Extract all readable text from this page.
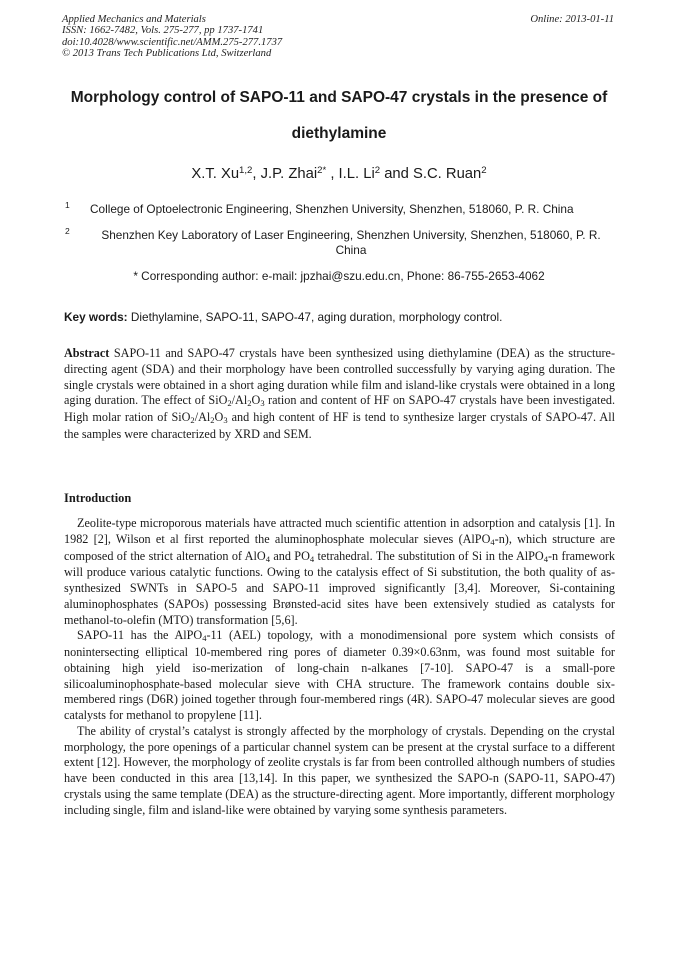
Applied Mechanics and Materials
ISSN: 1662-7482, Vols. 275-277, pp 1737-1741
doi:10.4028/www.scientific.net/AMM.275-277.1737
© 2013 Trans Tech Publications Ltd, Switzerland
Online: 2013-01-11
Morphology control of SAPO-11 and SAPO-47 crystals in the presence of
diethylamine
X.T. Xu$^{1,2}$, J.P. Zhai$^{2*}$ , I.L. Li$^2$ and S.C. Ruan$^2$
1 College of Optoelectronic Engineering, Shenzhen University, Shenzhen, 518060, P. R. China
2	Shenzhen Key Laboratory of Laser Engineering, Shenzhen University, Shenzhen, 518060, P. R. China
* Corresponding author: e-mail: jpzhai@szu.edu.cn, Phone: 86-755-2653-4062
Key words: Diethylamine, SAPO-11, SAPO-47, aging duration, morphology control.
Abstract SAPO-11 and SAPO-47 crystals have been synthesized using diethylamine (DEA) as the structure-directing agent (SDA) and their morphology have been controlled successfully by varying aging duration. The single crystals were obtained in a short aging duration while film and island-like crystals were obtained in a long aging duration. The effect of $SiO_2/Al_2O_3$ ration and content of HF on SAPO-47 crystals have been investigated. High molar ration of $SiO_2/Al_2O_3$ and high content of HF is tend to synthesize larger crystals of SAPO-47. All the samples were characterized by XRD and SEM.
Introduction

Zeolite-type microporous materials have attracted much scientific attention in adsorption and catalysis [1]. In 1982 [2], Wilson et al first reported the aluminophosphate molecular sieves (AlPO$_4$-n), which structure are composed of the strict alternation of AlO$_4$ and $PO_4$ tetrahedral. The substitution of Si in the AlPO$_4$-n framework will produce various catalytic functions. Owing to the catalysis effect of Si substitution, the both quality of as-synthesized SWNTs in SAPO-5 and SAPO-11 improved significantly [3,4]. Moreover, Si-containing aluminophosphates (SAPOs) possessing Brønsted-acid sites have been extensively studied as catalysts for methanol-to-olefin (MTO) transformation [5,6].

SAPO-11 has the AlPO$_4$-11 (AEL) topology, with a monodimensional pore system which consists of nonintersecting elliptical 10-membered ring pores of diameter 0.39×0.63nm, was found most suitable for obtaining high yield iso-merization of long-chain n-alkanes [7-10]. SAPO-47 is a small-pore silicoaluminophosphate-based molecular sieve with CHA structure. The framework contains double six-membered rings (D6R) joined together through four-membered rings (4R). SAPO-47 molecular sieves are good catalysts for methanol to propylene [11].

The ability of crystal’s catalyst is strongly affected by the morphology of crystals. Depending on the crystal morphology, the pore openings of a particular channel system can be present at the crystal surface to a different extent [12]. However, the morphology of zeolite crystals is far from been controlled although numbers of studies have been conducted in this area [13,14]. In this paper, we synthesized the SAPO-n (SAPO-11, SAPO-47) crystals using the same template (DEA) as the structure-directing agent. More importantly, different morphology including single, film and island-like were obtained by varying some synthesis parameters.
